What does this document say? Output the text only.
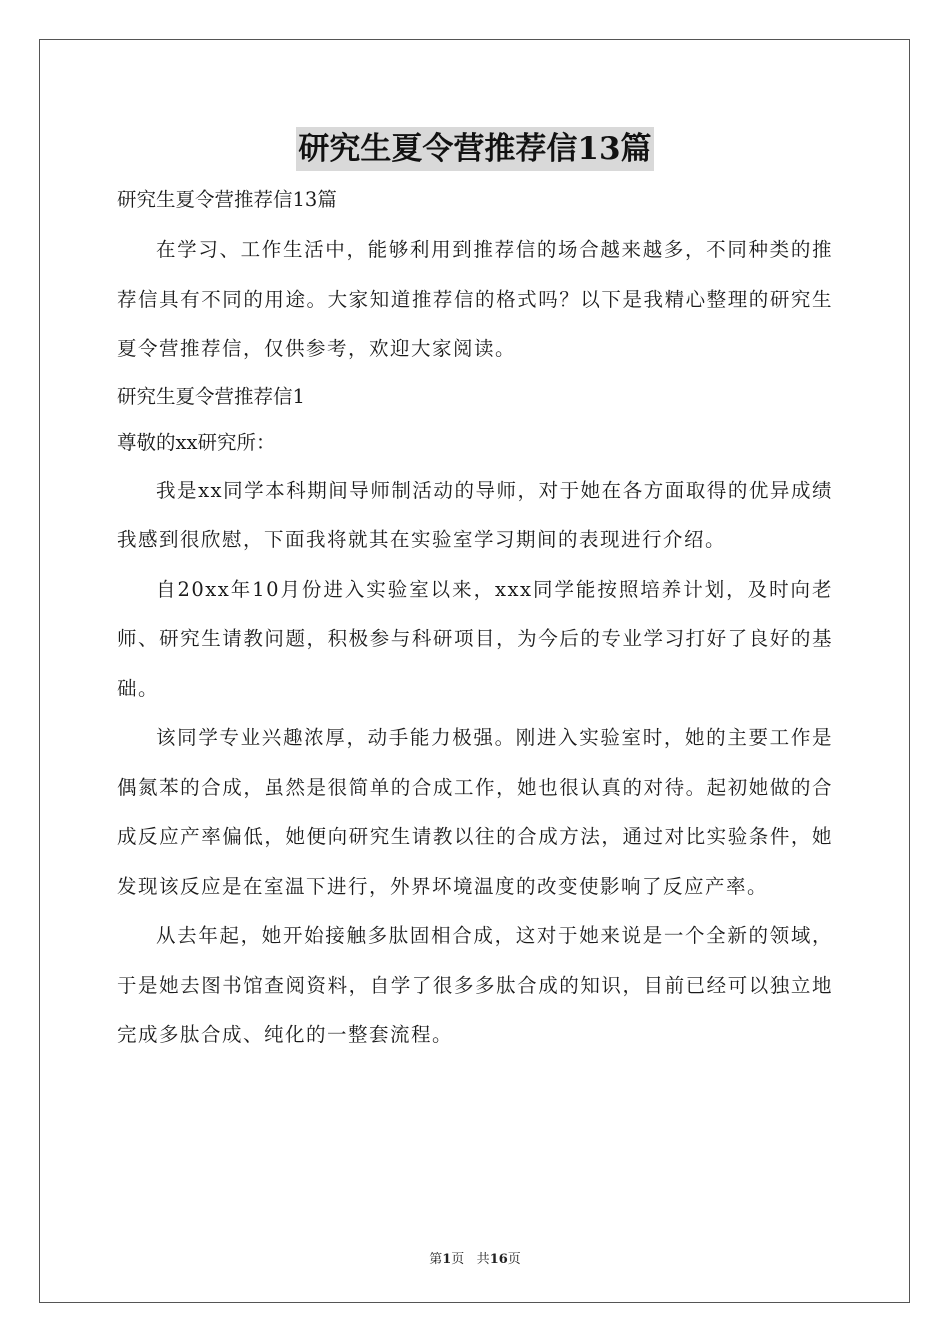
研究生夏令营推荐信13篇

研究生夏令营推荐信13篇

在学习、工作生活中，能够利用到推荐信的场合越来越多，不同种类的推荐信具有不同的用途。大家知道推荐信的格式吗？以下是我精心整理的研究生夏令营推荐信，仅供参考，欢迎大家阅读。

研究生夏令营推荐信1

尊敬的xx研究所：

我是xx同学本科期间导师制活动的导师，对于她在各方面取得的优异成绩我感到很欣慰，下面我将就其在实验室学习期间的表现进行介绍。

自20xx年10月份进入实验室以来，xxx同学能按照培养计划，及时向老师、研究生请教问题，积极参与科研项目，为今后的专业学习打好了良好的基础。

该同学专业兴趣浓厚，动手能力极强。刚进入实验室时，她的主要工作是偶氮苯的合成，虽然是很简单的合成工作，她也很认真的对待。起初她做的合成反应产率偏低，她便向研究生请教以往的合成方法，通过对比实验条件，她发现该反应是在室温下进行，外界坏境温度的改变使影响了反应产率。

从去年起，她开始接触多肽固相合成，这对于她来说是一个全新的领域，于是她去图书馆查阅资料，自学了很多多肽合成的知识，目前已经可以独立地完成多肽合成、纯化的一整套流程。

第1页 共16页
